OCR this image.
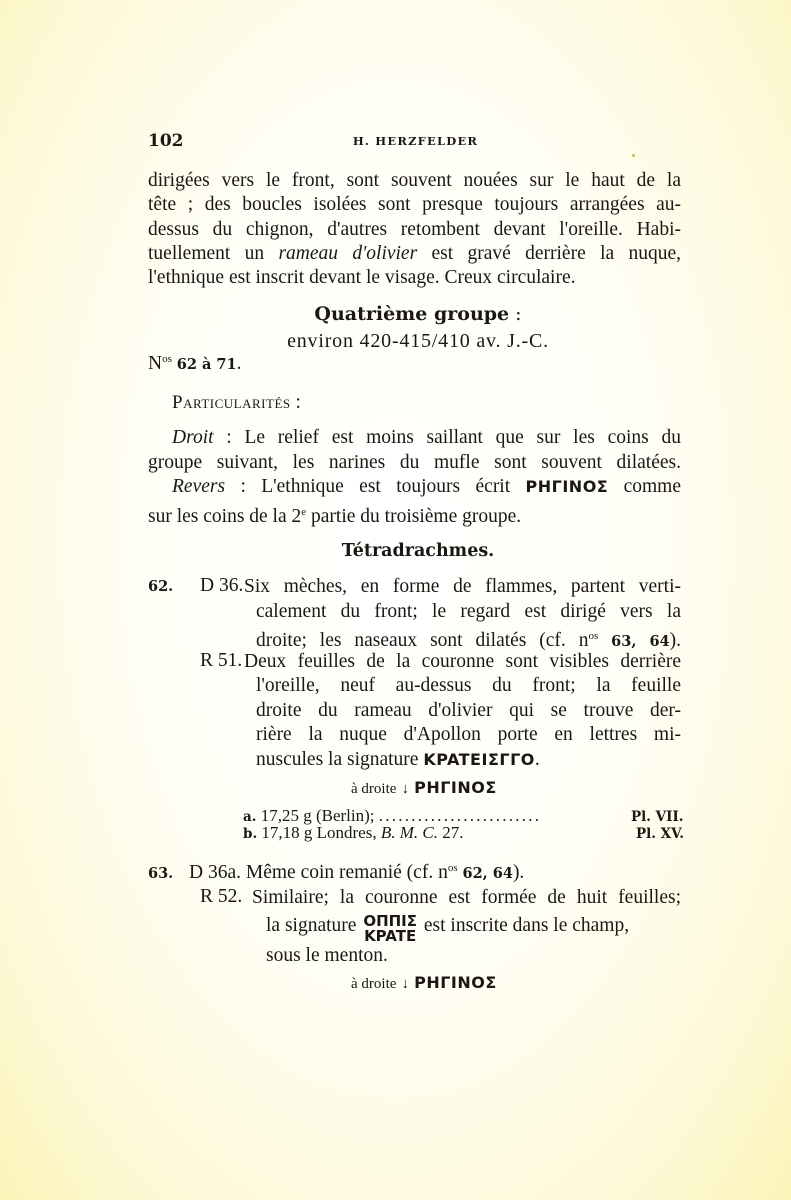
102	H. HERZFELDER
dirigées vers le front, sont souvent nouées sur le haut de la
tête ; des boucles isolées sont presque toujours arrangées au-
dessus du chignon, d'autres retombent devant l'oreille. Habi-
tuellement un rameau d'olivier est gravé derrière la nuque,
l'ethnique est inscrit devant le visage. Creux circulaire.
Quatrième groupe :
environ 420-415/410 av. J.-C.
$N^{os}$ 62 à 71.
Particularités :
Droit : Le relief est moins saillant que sur les coins du
groupe suivant, les narines du mufle sont souvent dilatées.
Revers : L'ethnique est toujours écrit PHΓINOΣ comme
sur les coins de la 2e partie du troisième groupe.
Tétradrachmes.
62. D 36. Six mèches, en forme de flammes, partent verti-
calement du front; le regard est dirigé vers la
droite; les naseaux sont dilatés (cf. $n^{os}$ 63, 64).
R 51. Deux feuilles de la couronne sont visibles derrière
l'oreille, neuf au-dessus du front; la feuille
droite du rameau d'olivier qui se trouve der-
rière la nuque d'Apollon porte en lettres mi-
nuscules la signature KPATEIΣΓΓO.
à droite ↓ PHΓINOΣ
a. 17,25 g (Berlin); . . . . . . . . . . . . . . . . . . . . . . . . .	Pl. VII.
b. 17,18 g Londres, B. M. C. 27.	Pl. XV.
63. D 36a. Même coin remanié (cf. $n^{os}$ 62, 64).
R 52. Similaire; la couronne est formée de huit feuilles;
la signature OΠΠIΣ
KPATE est inscrite dans le champ,
sous le menton.
à droite ↓ PHΓINOΣ
